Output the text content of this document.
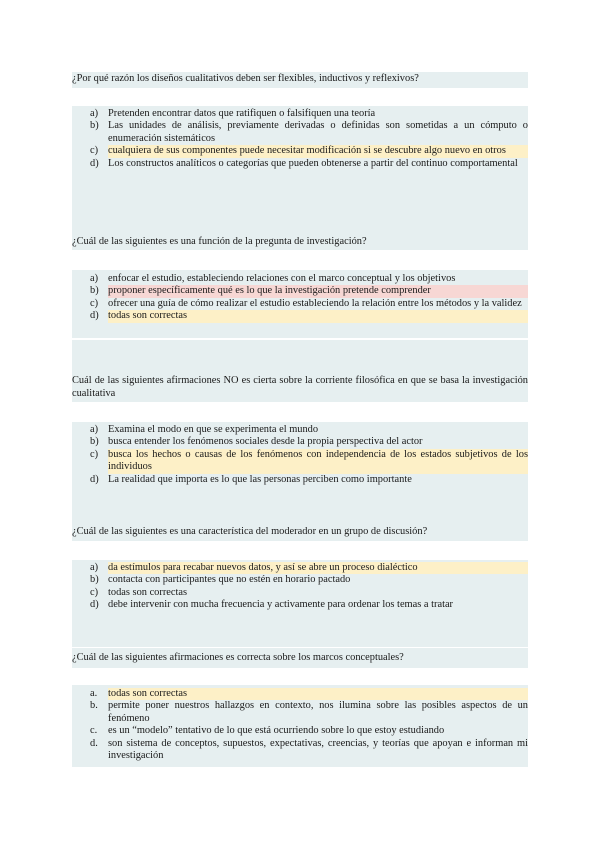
¿Por qué razón los diseños cualitativos deben ser flexibles, inductivos y reflexivos?
a) Pretenden encontrar datos que ratifiquen o falsifiquen una teoría
b) Las unidades de análisis, previamente derivadas o definidas son sometidas a un cómputo o enumeración sistemáticos
c) cualquiera de sus componentes puede necesitar modificación si se descubre algo nuevo en otros
d) Los constructos analíticos o categorías que pueden obtenerse a partir del continuo comportamental
¿Cuál de las siguientes es una función de la pregunta de investigación?
a) enfocar el estudio, estableciendo relaciones con el marco conceptual y los objetivos
b) proponer específicamente qué es lo que la investigación pretende comprender
c) ofrecer una guía de cómo realizar el estudio estableciendo la relación entre los métodos y la validez
d) todas son correctas
Cuál de las siguientes afirmaciones NO es cierta sobre la corriente filosófica en que se basa la investigación cualitativa
a) Examina el modo en que se experimenta el mundo
b) busca entender los fenómenos sociales desde la propia perspectiva del actor
c) busca los hechos o causas de los fenómenos con independencia de los estados subjetivos de los individuos
d) La realidad que importa es lo que las personas perciben como importante
¿Cuál de las siguientes es una característica del moderador en un grupo de discusión?
a) da estímulos para recabar nuevos datos, y así se abre un proceso dialéctico
b) contacta con participantes que no estén en horario pactado
c) todas son correctas
d) debe intervenir con mucha frecuencia y activamente para ordenar los temas a tratar
¿Cuál de las siguientes afirmaciones es correcta sobre los marcos conceptuales?
a.	todas son correctas
b. permite poner nuestros hallazgos en contexto, nos ilumina sobre las posibles aspectos de un fenómeno
c.	es un “modelo” tentativo de lo que está ocurriendo sobre lo que estoy estudiando
d. son sistema de conceptos, supuestos, expectativas, creencias, y teorías que apoyan e informan mi investigación
